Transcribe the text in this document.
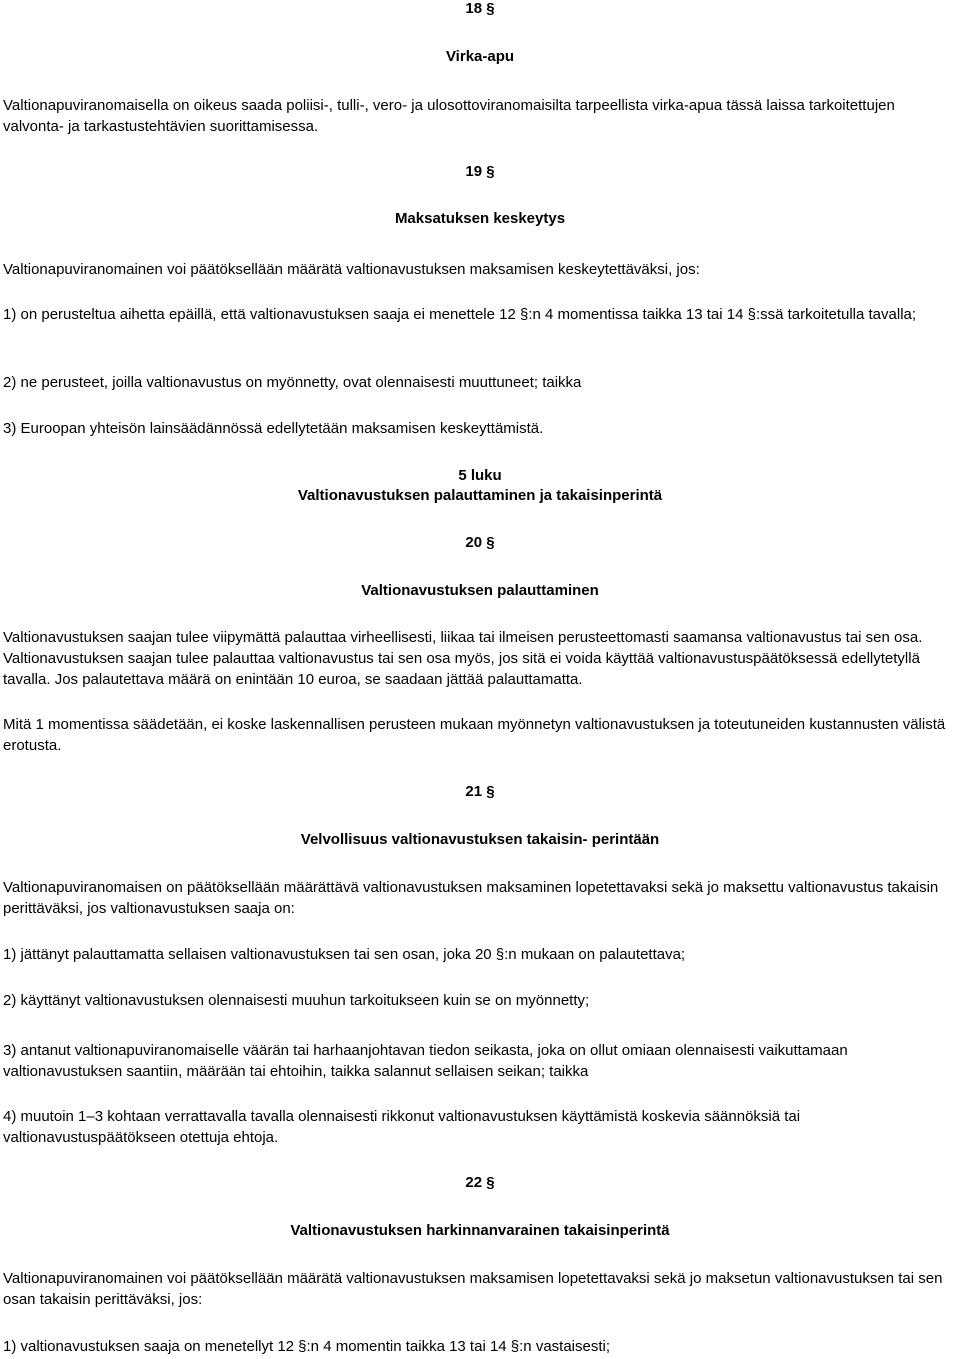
18 §
Virka-apu
Valtionapuviranomaisella on oikeus saada poliisi-, tulli-, vero- ja ulosottoviranomaisilta tarpeellista virka-apua tässä laissa tarkoitettujen valvonta- ja tarkastustehtävien suorittamisessa.
19 §
Maksatuksen keskeytys
Valtionapuviranomainen voi päätöksellään määrätä valtionavustuksen maksamisen keskeytettäväksi, jos:
1) on perusteltua aihetta epäillä, että valtionavustuksen saaja ei menettele 12 §:n 4 momentissa taikka 13 tai 14 §:ssä tarkoitetulla tavalla;
2) ne perusteet, joilla valtionavustus on myönnetty, ovat olennaisesti muuttuneet; taikka
3) Euroopan yhteisön lainsäädännössä edellytetään maksamisen keskeyttämistä.
5 luku
Valtionavustuksen palauttaminen ja takaisinperintä
20 §
Valtionavustuksen palauttaminen
Valtionavustuksen saajan tulee viipymättä palauttaa virheellisesti, liikaa tai ilmeisen perusteettomasti saamansa valtionavustus tai sen osa. Valtionavustuksen saajan tulee palauttaa valtionavustus tai sen osa myös, jos sitä ei voida käyttää valtionavustuspäätöksessä edellytetyllä tavalla. Jos palautettava määrä on enintään 10 euroa, se saadaan jättää palauttamatta.
Mitä 1 momentissa säädetään, ei koske laskennallisen perusteen mukaan myönnetyn valtionavustuksen ja toteutuneiden kustannusten välistä erotusta.
21 §
Velvollisuus valtionavustuksen takaisin- perintään
Valtionapuviranomaisen on päätöksellään määrättävä valtionavustuksen maksaminen lopetettavaksi sekä jo maksettu valtionavustus takaisin perittäväksi, jos valtionavustuksen saaja on:
1) jättänyt palauttamatta sellaisen valtionavustuksen tai sen osan, joka 20 §:n mukaan on palautettava;
2) käyttänyt valtionavustuksen olennaisesti muuhun tarkoitukseen kuin se on myönnetty;
3) antanut valtionapuviranomaiselle väärän tai harhaanjohtavan tiedon seikasta, joka on ollut omiaan olennaisesti vaikuttamaan valtionavustuksen saantiin, määrään tai ehtoihin, taikka salannut sellaisen seikan; taikka
4) muutoin 1–3 kohtaan verrattavalla tavalla olennaisesti rikkonut valtionavustuksen käyttämistä koskevia säännöksiä tai valtionavustuspäätökseen otettuja ehtoja.
22 §
Valtionavustuksen harkinnanvarainen takaisinperintä
Valtionapuviranomainen voi päätöksellään määrätä valtionavustuksen maksamisen lopetettavaksi sekä jo maksetun valtionavustuksen tai sen osan takaisin perittäväksi, jos:
1) valtionavustuksen saaja on menetellyt 12 §:n 4 momentin taikka 13 tai 14 §:n vastaisesti;
